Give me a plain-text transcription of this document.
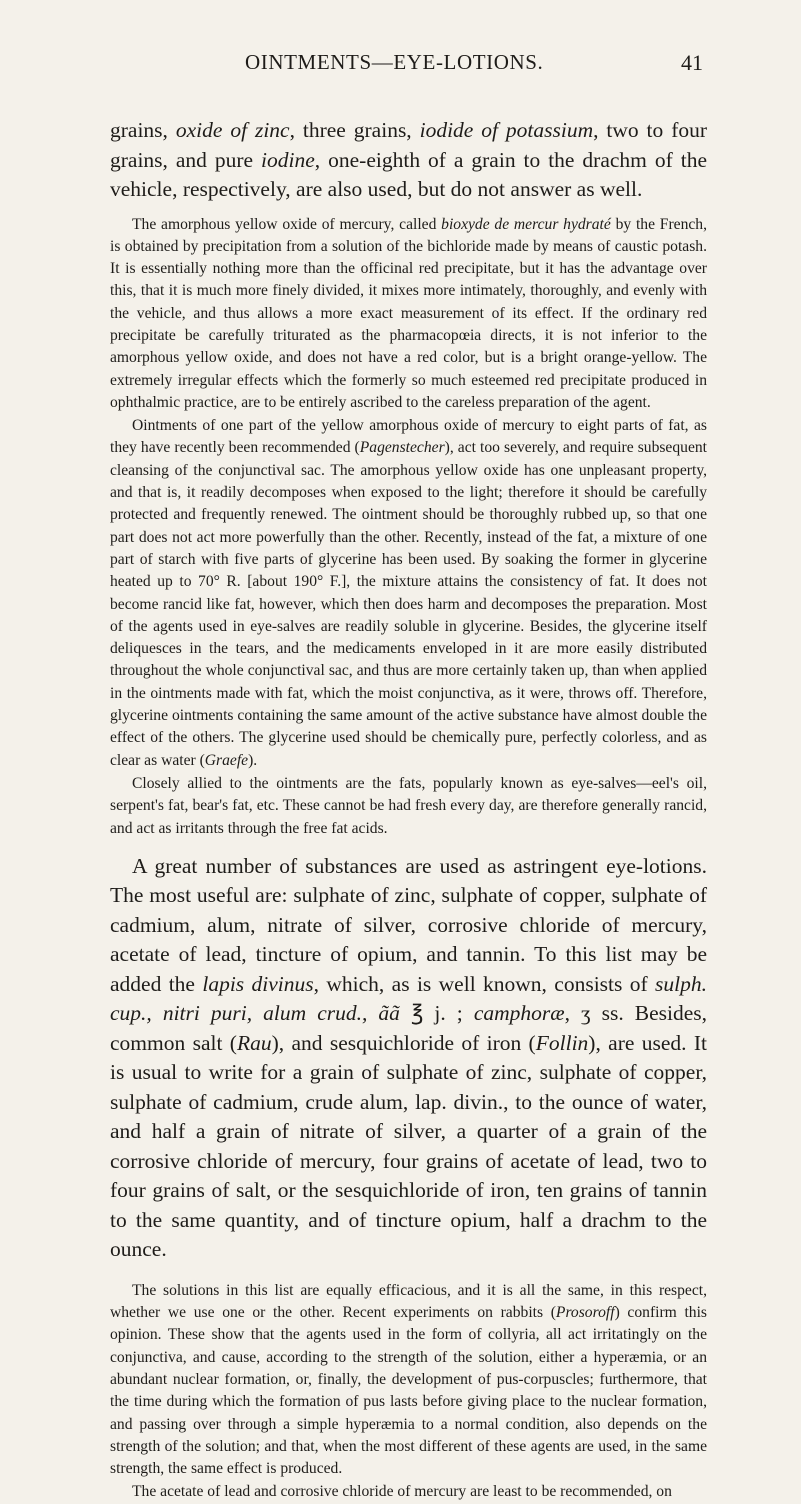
OINTMENTS—EYE-LOTIONS.	41

grains, oxide of zinc, three grains, iodide of potassium, two to four grains, and pure iodine, one-eighth of a grain to the drachm of the vehicle, respectively, are also used, but do not answer as well.

The amorphous yellow oxide of mercury, called bioxyde de mercur hydraté by the French, is obtained by precipitation from a solution of the bichloride made by means of caustic potash. It is essentially nothing more than the officinal red precipitate, but it has the advantage over this, that it is much more finely divided, it mixes more intimately, thoroughly, and evenly with the vehicle, and thus allows a more exact measurement of its effect. If the ordinary red precipitate be carefully triturated as the pharmacopœia directs, it is not inferior to the amorphous yellow oxide, and does not have a red color, but is a bright orange-yellow. The extremely irregular effects which the formerly so much esteemed red precipitate produced in ophthalmic practice, are to be entirely ascribed to the careless preparation of the agent.

Ointments of one part of the yellow amorphous oxide of mercury to eight parts of fat, as they have recently been recommended (Pagenstecher), act too severely, and require subsequent cleansing of the conjunctival sac. The amorphous yellow oxide has one unpleasant property, and that is, it readily decomposes when exposed to the light; therefore it should be carefully protected and frequently renewed. The ointment should be thoroughly rubbed up, so that one part does not act more powerfully than the other. Recently, instead of the fat, a mixture of one part of starch with five parts of glycerine has been used. By soaking the former in glycerine heated up to 70° R. [about 190° F.], the mixture attains the consistency of fat. It does not become rancid like fat, however, which then does harm and decomposes the preparation. Most of the agents used in eye-salves are readily soluble in glycerine. Besides, the glycerine itself deliquesces in the tears, and the medicaments enveloped in it are more easily distributed throughout the whole conjunctival sac, and thus are more certainly taken up, than when applied in the ointments made with fat, which the moist conjunctiva, as it were, throws off. Therefore, glycerine ointments containing the same amount of the active substance have almost double the effect of the others. The glycerine used should be chemically pure, perfectly colorless, and as clear as water (Graefe).

Closely allied to the ointments are the fats, popularly known as eye-salves—eel's oil, serpent's fat, bear's fat, etc. These cannot be had fresh every day, are therefore generally rancid, and act as irritants through the free fat acids.

A great number of substances are used as astringent eye-lotions. The most useful are: sulphate of zinc, sulphate of copper, sulphate of cadmium, alum, nitrate of silver, corrosive chloride of mercury, acetate of lead, tincture of opium, and tannin. To this list may be added the lapis divinus, which, as is well known, consists of sulph. cup., nitri puri, alum crud., ãã ℥ j. ; camphoræ, ʒ ss. Besides, common salt (Rau), and sesquichloride of iron (Follin), are used. It is usual to write for a grain of sulphate of zinc, sulphate of copper, sulphate of cadmium, crude alum, lap. divin., to the ounce of water, and half a grain of nitrate of silver, a quarter of a grain of the corrosive chloride of mercury, four grains of acetate of lead, two to four grains of salt, or the sesquichloride of iron, ten grains of tannin to the same quantity, and of tincture opium, half a drachm to the ounce.

The solutions in this list are equally efficacious, and it is all the same, in this respect, whether we use one or the other. Recent experiments on rabbits (Prosoroff) confirm this opinion. These show that the agents used in the form of collyria, all act irritatingly on the conjunctiva, and cause, according to the strength of the solution, either a hyperæmia, or an abundant nuclear formation, or, finally, the development of pus-corpuscles; furthermore, that the time during which the formation of pus lasts before giving place to the nuclear formation, and passing over through a simple hyperæmia to a normal condition, also depends on the strength of the solution; and that, when the most different of these agents are used, in the same strength, the same effect is produced.

The acetate of lead and corrosive chloride of mercury are least to be recommended, on
